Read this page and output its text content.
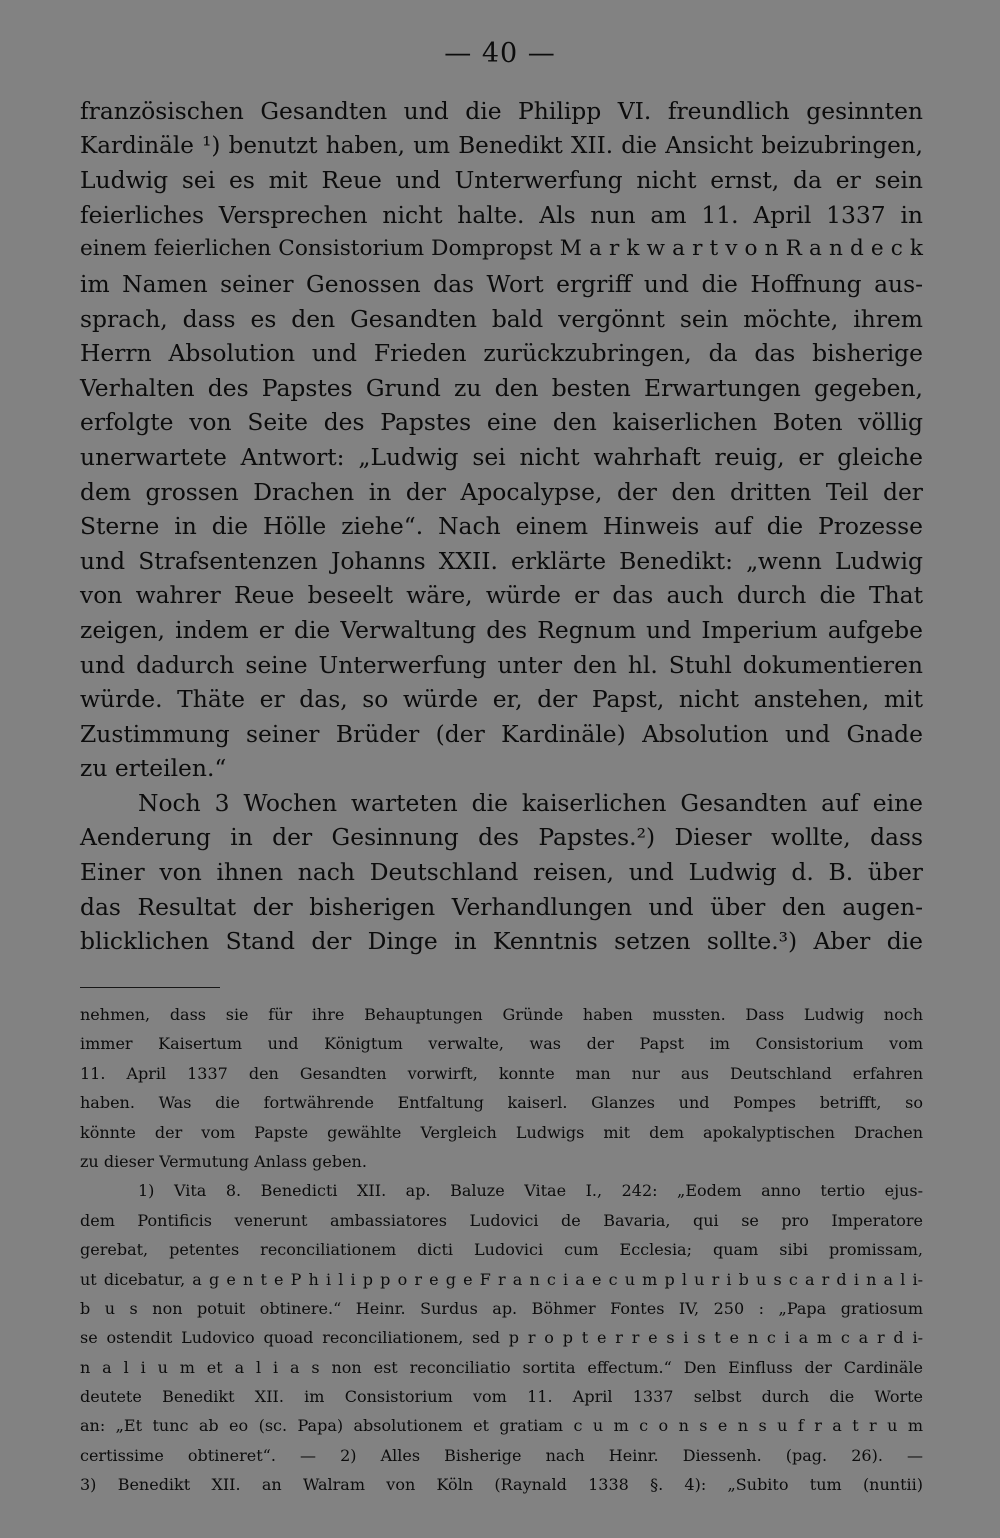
— 40 —
französischen Gesandten und die Philipp VI. freundlich gesinnten
Kardinäle ¹) benutzt haben, um Benedikt XII. die Ansicht beizubringen,
Ludwig sei es mit Reue und Unterwerfung nicht ernst, da er sein
feierliches Versprechen nicht halte. Als nun am 11. April 1337 in
einem feierlichen Consistorium Dompropst M a r k w a r t v o n R a n d e c k
im Namen seiner Genossen das Wort ergriff und die Hoffnung aus-
sprach, dass es den Gesandten bald vergönnt sein möchte, ihrem
Herrn Absolution und Frieden zurückzubringen, da das bisherige
Verhalten des Papstes Grund zu den besten Erwartungen gegeben,
erfolgte von Seite des Papstes eine den kaiserlichen Boten völlig
unerwartete Antwort: „Ludwig sei nicht wahrhaft reuig, er gleiche
dem grossen Drachen in der Apocalypse, der den dritten Teil der
Sterne in die Hölle ziehe“. Nach einem Hinweis auf die Prozesse
und Strafsentenzen Johanns XXII. erklärte Benedikt: „wenn Ludwig
von wahrer Reue beseelt wäre, würde er das auch durch die That
zeigen, indem er die Verwaltung des Regnum und Imperium aufgebe
und dadurch seine Unterwerfung unter den hl. Stuhl dokumentieren
würde. Thäte er das, so würde er, der Papst, nicht anstehen, mit
Zustimmung seiner Brüder (der Kardinäle) Absolution und Gnade
zu erteilen.“
Noch 3 Wochen warteten die kaiserlichen Gesandten auf eine
Aenderung in der Gesinnung des Papstes.²) Dieser wollte, dass
Einer von ihnen nach Deutschland reisen, und Ludwig d. B. über
das Resultat der bisherigen Verhandlungen und über den augen-
blicklichen Stand der Dinge in Kenntnis setzen sollte.³) Aber die
nehmen, dass sie für ihre Behauptungen Gründe haben mussten. Dass Ludwig noch
immer Kaisertum und Königtum verwalte, was der Papst im Consistorium vom
11. April 1337 den Gesandten vorwirft, konnte man nur aus Deutschland erfahren
haben. Was die fortwährende Entfaltung kaiserl. Glanzes und Pompes betrifft, so
könnte der vom Papste gewählte Vergleich Ludwigs mit dem apokalyptischen Drachen
zu dieser Vermutung Anlass geben.
1) Vita 8. Benedicti XII. ap. Baluze Vitae I., 242: „Eodem anno tertio ejus-
dem Pontificis venerunt ambassiatores Ludovici de Bavaria, qui se pro Imperatore
gerebat, petentes reconciliationem dicti Ludovici cum Ecclesia; quam sibi promissam,
ut dicebatur, a g e n t e P h i l i p p o r e g e F r a n c i a e c u m p l u r i b u s c a r d i n a l i-
b u s non potuit obtinere.“ Heinr. Surdus ap. Böhmer Fontes IV, 250 : „Papa gratiosum
se ostendit Ludovico quoad reconciliationem, sed p r o p t e r r e s i s t e n c i a m c a r d i-
n a l i u m et a l i a s non est reconciliatio sortita effectum.“ Den Einfluss der Cardinäle
deutete Benedikt XII. im Consistorium vom 11. April 1337 selbst durch die Worte
an: „Et tunc ab eo (sc. Papa) absolutionem et gratiam c u m c o n s e n s u f r a t r u m
certissime obtineret“. — 2) Alles Bisherige nach Heinr. Diessenh. (pag. 26). —
3) Benedikt XII. an Walram von Köln (Raynald 1338 §. 4): „Subito tum (nuntii)
